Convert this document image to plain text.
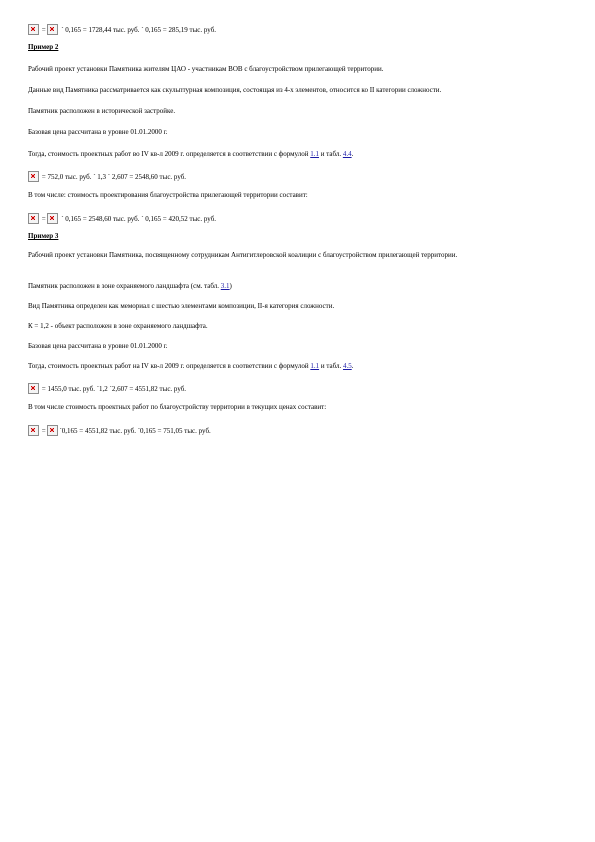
=  ´ 0,165 = 1728,44 тыс. руб. ´ 0,165 = 285,19 тыс. руб.
Пример 2
Рабочий проект установки Памятника жителям ЦАО - участникам ВОВ с благоустройством прилегающей территории.
Данные вид Памятника рассматривается как скульптурная композиция, состоящая из 4-х элементов, относится ко II категории сложности.
Памятник расположен в исторической застройке.
Базовая цена рассчитана в уровне 01.01.2000 г.
Тогда, стоимость проектных работ во IV кв-л 2009 г. определяется в соответствии с формулой 1.1 и табл. 4.4.
= 752,0 тыс. руб. ´ 1,3 ´ 2,607 = 2548,60 тыс. руб.
В том числе: стоимость проектирования благоустройства прилегающей территории составит:
=  ´ 0,165 = 2548,60 тыс. руб. ´ 0,165 = 420,52 тыс. руб.
Пример 3
Рабочий проект установки Памятника, посвященному сотрудникам Антигитлеровской коалиции с благоустройством прилегающей территории.
Памятник расположен в зоне охраняемого ландшафта (см. табл. 3.1)
Вид Памятника определен как мемориал с шестью элементами композиции, II-я категория сложности.
К = 1,2 - объект расположен в зоне охраняемого ландшафта.
Базовая цена рассчитана в уровне 01.01.2000 г.
Тогда, стоимость проектных работ на IV кв-л 2009 г. определяется в соответствии с формулой 1.1 и табл. 4.5.
= 1455,0 тыс. руб. ´1,2 ´2,607 = 4551,82 тыс. руб.
В том числе стоимость проектных работ по благоустройству территории в текущих ценах составит:
= ´0,165 = 4551,82 тыс. руб. ´0,165 = 751,05 тыс. руб.
